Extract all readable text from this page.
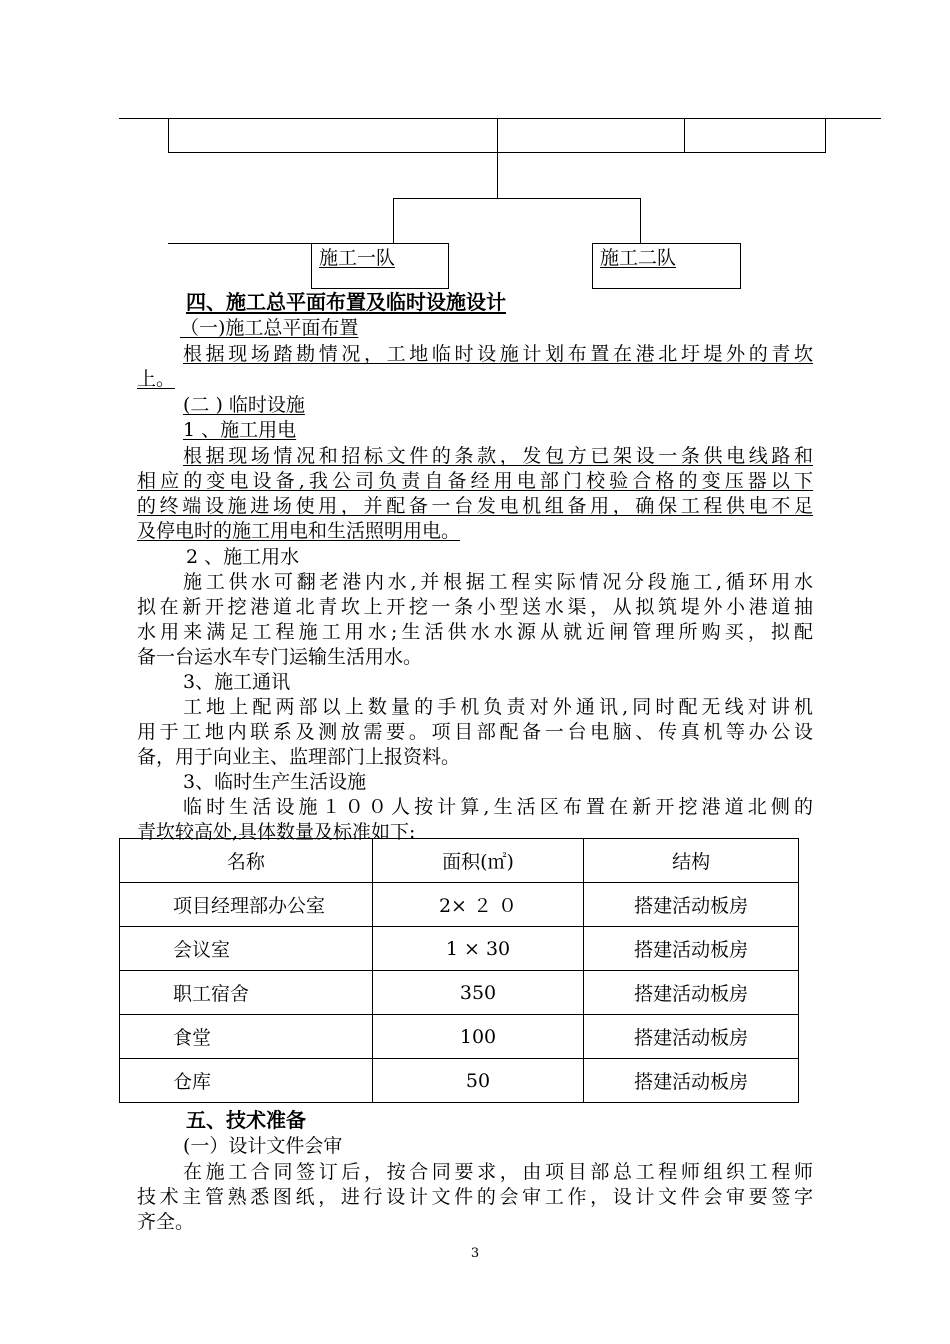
施工一队	施工二队
四、施工总平面布置及临时设施设计
（一)施工总平面布置
根据现场踏勘情况，工地临时设施计划布置在港北圩堤外的青坎
上。
(二 ) 临时设施
1 、施工用电
根据现场情况和招标文件的条款，发包方已架设一条供电线路和
相应的变电设备,我公司负责自备经用电部门校验合格的变压器以下
的终端设施进场使用，并配备一台发电机组备用，确保工程供电不足
及停电时的施工用电和生活照明用电。
2 、施工用水
施工供水可翻老港内水,并根据工程实际情况分段施工,循环用水
拟在新开挖港道北青坎上开挖一条小型送水渠，从拟筑堤外小港道抽
水用来满足工程施工用水;生活供水水源从就近闸管理所购买，拟配
备一台运水车专门运输生活用水。
3、施工通讯
工地上配两部以上数量的手机负责对外通讯,同时配无线对讲机
用于工地内联系及测放需要。项目部配备一台电脑、传真机等办公设
备，用于向业主、监理部门上报资料。
3、临时生产生活设施
临时生活设施１００人按计算,生活区布置在新开挖港道北侧的
青坎较高处,具体数量及标准如下:
名称	面积(㎡)	结构
项目经理部办公室	2× ２ ０	搭建活动板房
会议室	1 × 30	搭建活动板房
职工宿舍	350	搭建活动板房
食堂	100	搭建活动板房
仓库	50	搭建活动板房
五、技术准备
(一）设计文件会审
在施工合同签订后，按合同要求，由项目部总工程师组织工程师
技术主管熟悉图纸，进行设计文件的会审工作，设计文件会审要签字
齐全。
3
